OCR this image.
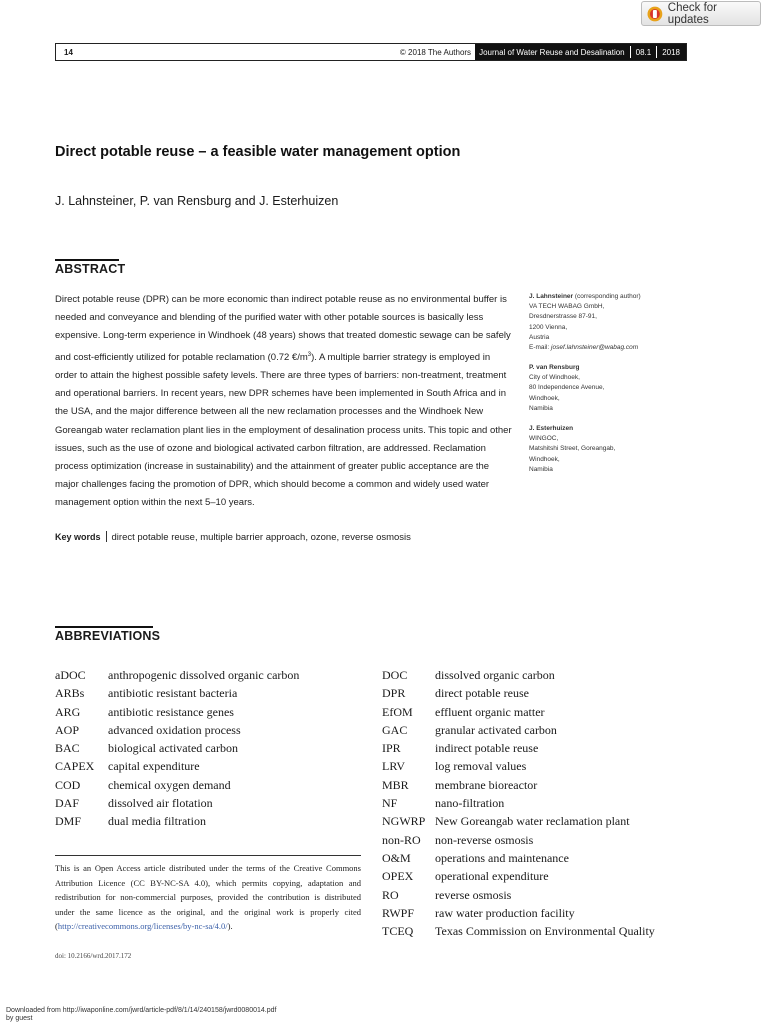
Check for updates
14	© 2018 The Authors Journal of Water Reuse and Desalination 08.1 2018
Direct potable reuse – a feasible water management option
J. Lahnsteiner, P. van Rensburg and J. Esterhuizen
ABSTRACT
Direct potable reuse (DPR) can be more economic than indirect potable reuse as no environmental buffer is needed and conveyance and blending of the purified water with other potable sources is basically less expensive. Long-term experience in Windhoek (48 years) shows that treated domestic sewage can be safely and cost-efficiently utilized for potable reclamation (0.72 $€/m^3$). A multiple barrier strategy is employed in order to attain the highest possible safety levels. There are three types of barriers: non-treatment, treatment and operational barriers. In recent years, new DPR schemes have been implemented in South Africa and in the USA, and the major difference between all the new reclamation processes and the Windhoek New Goreangab water reclamation plant lies in the employment of desalination process units. This topic and other issues, such as the use of ozone and biological activated carbon filtration, are addressed. Reclamation process optimization (increase in sustainability) and the attainment of greater public acceptance are the major challenges facing the promotion of DPR, which should become a common and widely used water management option within the next 5–10 years.
Key words direct potable reuse, multiple barrier approach, ozone, reverse osmosis
J. Lahnsteiner (corresponding author)
VA TECH WABAG GmbH,
Dresdnerstrasse 87-91,
1200 Vienna,
Austria
E-mail: josef.lahnsteiner@wabag.com
P. van Rensburg
City of Windhoek,
80 Independence Avenue,
Windhoek,
Namibia
J. Esterhuizen
WINGOC,
Matshitshi Street, Goreangab,
Windhoek,
Namibia
ABBREVIATIONS
aDOC	anthropogenic dissolved organic carbon
ARBs	antibiotic resistant bacteria
ARG	antibiotic resistance genes
AOP	advanced oxidation process
BAC	biological activated carbon
CAPEX	capital expenditure
COD	chemical oxygen demand
DAF	dissolved air flotation
DMF	dual media filtration
DOC	dissolved organic carbon
DPR	direct potable reuse
EfOM	effluent organic matter
GAC	granular activated carbon
IPR	indirect potable reuse
LRV	log removal values
MBR	membrane bioreactor
NF	nano-filtration
NGWRP New Goreangab water reclamation plant
non-RO	non-reverse osmosis
O&M	operations and maintenance
OPEX	operational expenditure
RO	reverse osmosis
RWPF	raw water production facility
TCEQ	Texas Commission on Environmental Quality
This is an Open Access article distributed under the terms of the Creative Commons Attribution Licence (CC BY-NC-SA 4.0), which permits copying, adaptation and redistribution for non-commercial purposes, provided the contribution is distributed under the same licence as the original, and the original work is properly cited (http://creativecommons.org/licenses/by-nc-sa/4.0/).
doi: 10.2166/wrd.2017.172
Downloaded from http://iwaponline.com/jwrd/article-pdf/8/1/14/240158/jwrd0080014.pdf
by guest
